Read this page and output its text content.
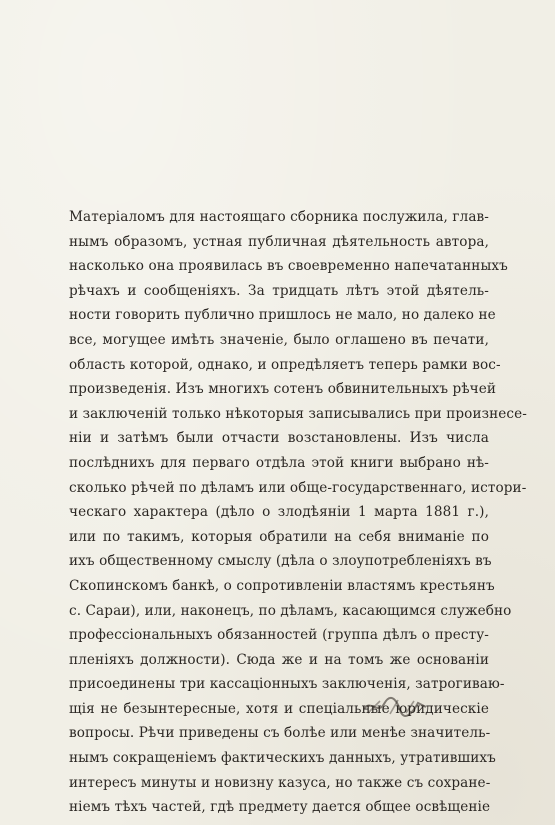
Матеріаломъ для настоящаго сборника послужила, глав-
нымъ образомъ, устная публичная дѣятельность автора,
насколько она проявилась въ своевременно напечатанныхъ
рѣчахъ и сообщеніяхъ. За тридцать лѣтъ этой дѣятель-
ности говорить публично пришлось не мало, но далеко не
все, могущее имѣть значеніе, было оглашено въ печати,
область которой, однако, и опредѣляетъ теперь рамки вос-
произведенія. Изъ многихъ сотенъ обвинительныхъ рѣчей
и заключеній только нѣкоторыя записывались при произнесе-
ніи и затѣмъ были отчасти возстановлены. Изъ числа
послѣднихъ для перваго отдѣла этой книги выбрано нѣ-
сколько рѣчей по дѣламъ или обще-государственнаго, истори-
ческаго характера (дѣло о злодѣяніи 1 марта 1881 г.),
или по такимъ, которыя обратили на себя вниманіе по
ихъ общественному смыслу (дѣла о злоупотребленіяхъ въ
Скопинскомъ банкѣ, о сопротивленіи властямъ крестьянъ
с. Сараи), или, наконецъ, по дѣламъ, касающимся служебно
профессіональныхъ обязанностей (группа дѣлъ о престу-
пленіяхъ должности). Сюда же и на томъ же основаніи
присоединены три кассаціонныхъ заключенія, затрогиваю-
щія не безынтересные, хотя и спеціальные юридическіе
вопросы. Рѣчи приведены съ болѣе или менѣе значитель-
нымъ сокращеніемъ фактическихъ данныхъ, утратившихъ
интересъ минуты и новизну казуса, но также съ сохране-
ніемъ тѣхъ частей, гдѣ предмету дается общее освѣщеніе
